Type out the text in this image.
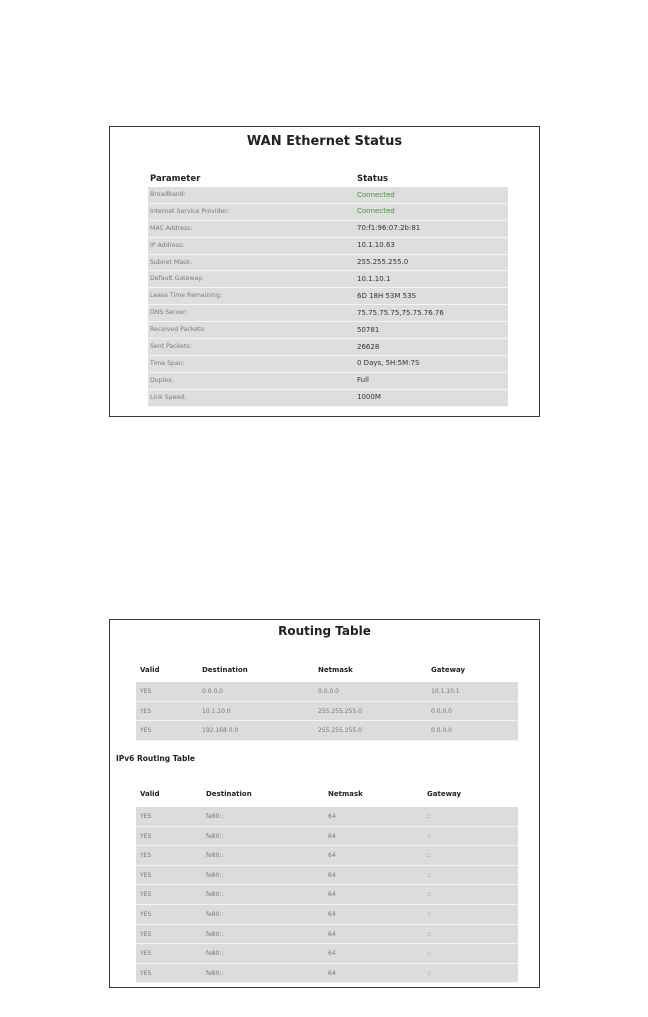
WAN Ethernet Status
Parameter	Status
Broadband:	Connected
Internet Service Provider:	Connected
MAC Address:	70:f1:96:07:2b:81
IP Address:	10.1.10.63
Subnet Mask:	255.255.255.0
Default Gateway:	10.1.10.1
Lease Time Remaining:	6D 18H 53M 53S
DNS Server:	75.75.75.75,75.75.76.76
Received Packets:	50781
Sent Packets:	26628
Time Span:	0 Days, 5H:5M:7S
Duplex:	Full
Link Speed:	1000M
Routing Table
Valid	Destination	Netmask	Gateway
YES	0.0.0.0	0.0.0.0	10.1.10.1
YES	10.1.10.0	255.255.255.0	0.0.0.0
YES	192.168.0.0	255.255.255.0	0.0.0.0
IPv6 Routing Table
Valid	Destination	Netmask	Gateway
YES	fe80::	64	::
YES	fe80::	64	::
YES	fe80::	64	::
YES	fe80::	64	::
YES	fe80::	64	::
YES	fe80::	64	::
YES	fe80::	64	::
YES	fe80::	64	::
YES	fe80::	64	::
